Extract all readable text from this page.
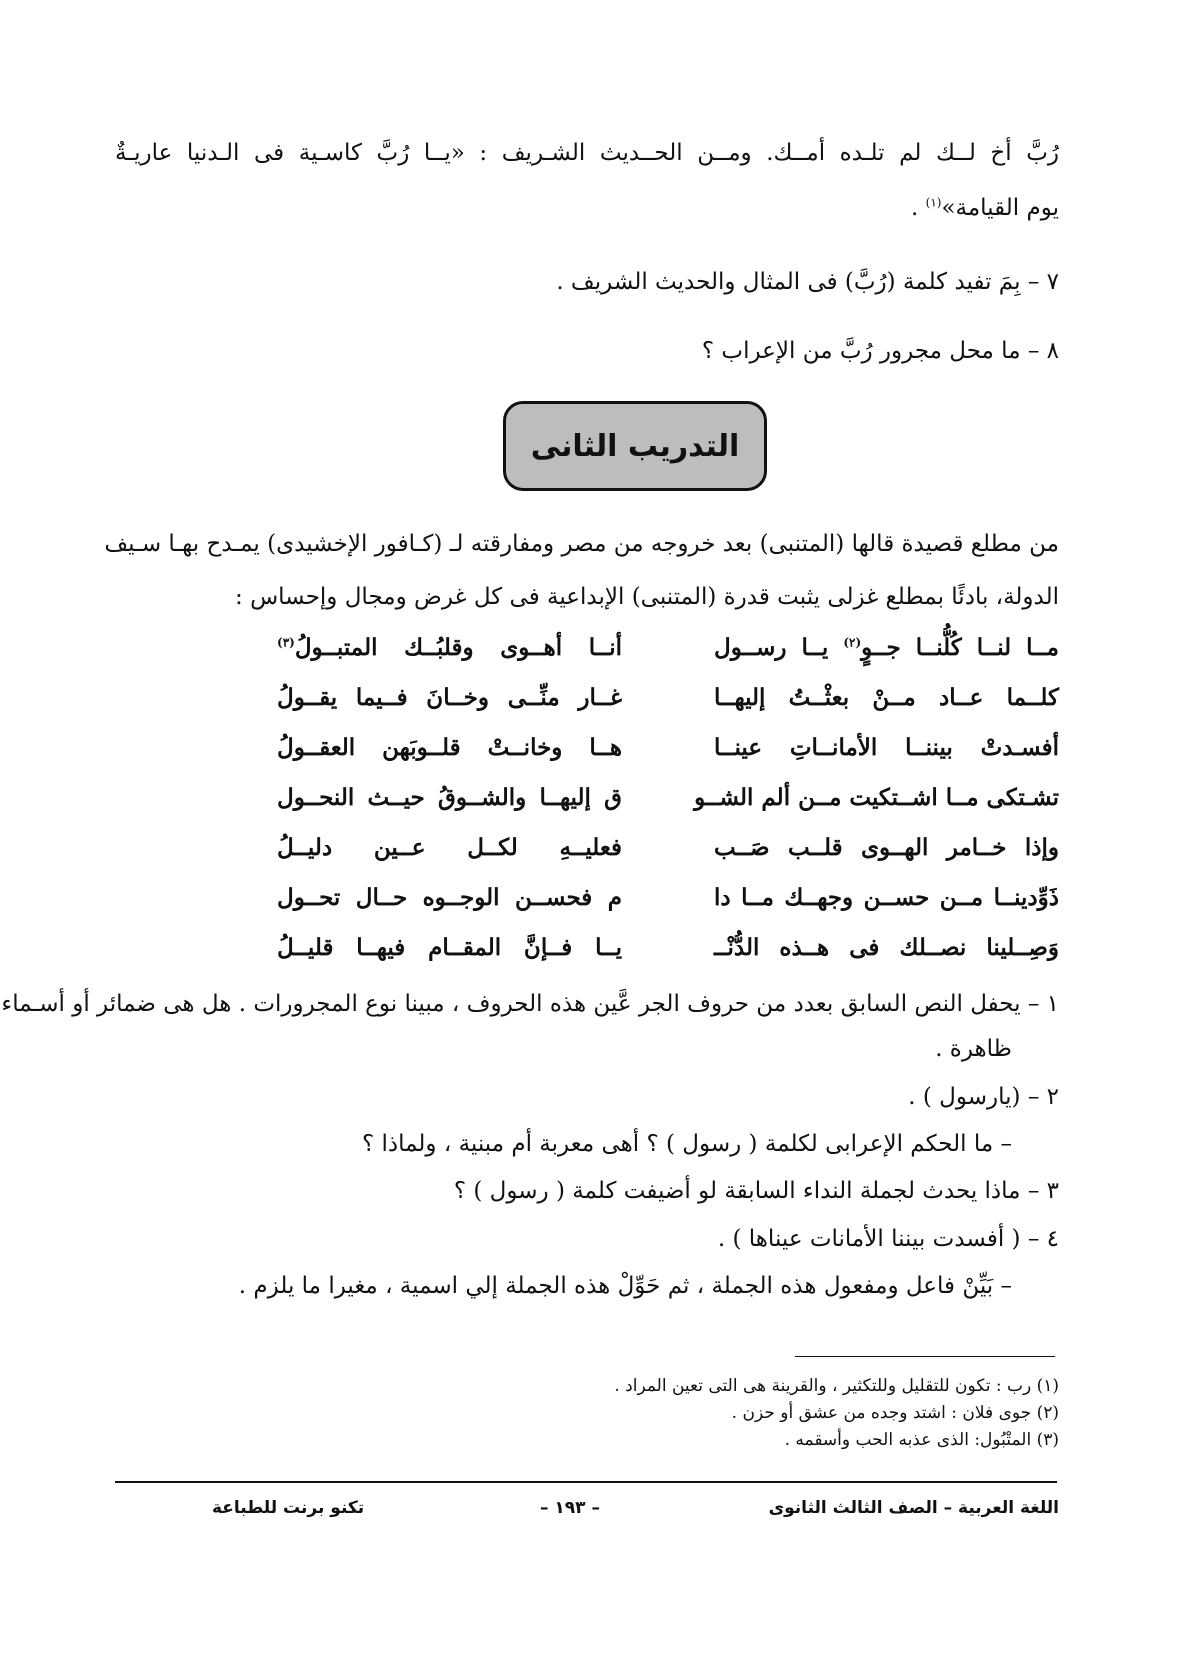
رُبَّ أخ لــك لم تلـده أمــك. ومــن الحــديث الشـريف : «يــا رُبَّ كاسـية فى الـدنيا عاريـةٌ
يوم القيامة»$^{(١)}$ .
٧ – بِمَ تفيد كلمة (رُبَّ) فى المثال والحديث الشريف .
٨ – ما محل مجرور رُبَّ من الإعراب ؟
التدريب الثانى
من مطلع قصيدة قالها (المتنبى) بعد خروجه من مصر ومفارقته لـ (كـافور الإخشيدى) يمـدح بهـا سـيف
الدولة، بادئًا بمطلع غزلى يثبت قدرة (المتنبى) الإبداعية فى كل غرض ومجال وإحساس :
مــا لنــا كُلُّنــا جــوٍ$^{(٢)}$ يــا رســول
أنــا أهــوى وقلبُــك المتبــولُ$^{(٣)}$
كلــما عــاد مــنْ بعثْــتُ إليهــا
غــار منِّــى وخــانَ فــيما يقــولُ
أفسـدتْ بيننــا الأمانــاتِ عينــا
هــا وخانــتْ قلــوبَهن العقــولُ
تشـتكى مــا اشــتكيت مــن ألم الشــو
ق إليهــا والشــوقُ حيــث النحــول
وإذا خــامر الهــوى قلــب صَــب
فعليــهِ لكــل عــين دليــلُ
ذَوِّدينــا مــن حســن وجهــك مــا دا
م فحســن الوجــوه حــال تحــول
وَصِــلينا نصــلك فى هــذه الدُّنْــ
يــا فــإنَّ المقــام فيهــا قليــلُ
١ – يحفل النص السابق بعدد من حروف الجر عَّين هذه الحروف ، مبينا نوع المجرورات . هل هى ضمائر أو أسـماء
ظاهرة .
٢ – (يارسول ) .
– ما الحكم الإعرابى لكلمة ( رسول ) ؟ أهى معربة أم مبنية ، ولماذا ؟
٣ – ماذا يحدث لجملة النداء السابقة لو أضيفت كلمة ( رسول ) ؟
٤ – ( أفسدت بيننا الأمانات عيناها ) .
– بَيِّنْ فاعل ومفعول هذه الجملة ، ثم حَوِّلْ هذه الجملة إلي اسمية ، مغيرا ما يلزم .
(١) رب : تكون للتقليل وللتكثير ، والقرينة هى التى تعين المراد .
(٢) جوى فلان : اشتد وجده من عشق أو حزن .
(٣) المتْبُول: الذى عذبه الحب وأسقمه .
اللغة العربية – الصف الثالث الثانوى
– ١٩٣ –
تكنو برنت للطباعة
